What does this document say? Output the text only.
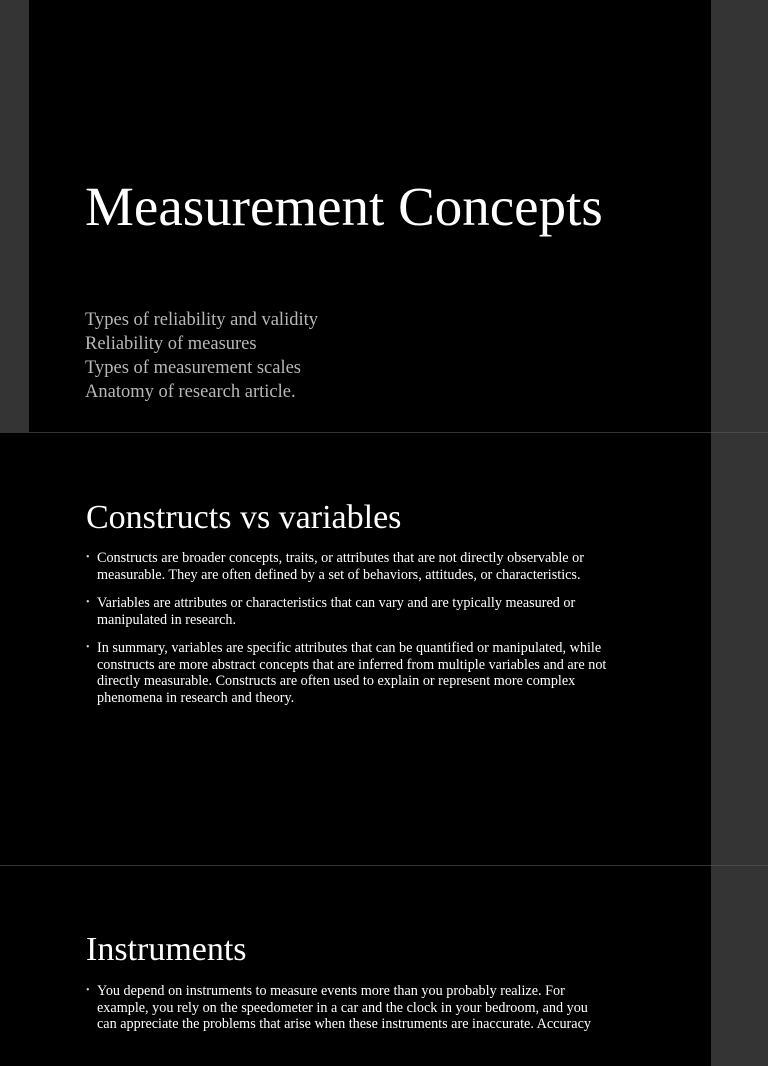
Measurement Concepts
Types of reliability and validity
Reliability of measures
Types of measurement scales
Anatomy of research article.
Constructs vs variables
• Constructs are broader concepts, traits, or attributes that are not directly observable or measurable. They are often defined by a set of behaviors, attitudes, or characteristics.
• Variables are attributes or characteristics that can vary and are typically measured or manipulated in research.
• In summary, variables are specific attributes that can be quantified or manipulated, while constructs are more abstract concepts that are inferred from multiple variables and are not directly measurable. Constructs are often used to explain or represent more complex phenomena in research and theory.
Instruments
• You depend on instruments to measure events more than you probably realize. For example, you rely on the speedometer in a car and the clock in your bedroom, and you can appreciate the problems that arise when these instruments are inaccurate. Accuracy
